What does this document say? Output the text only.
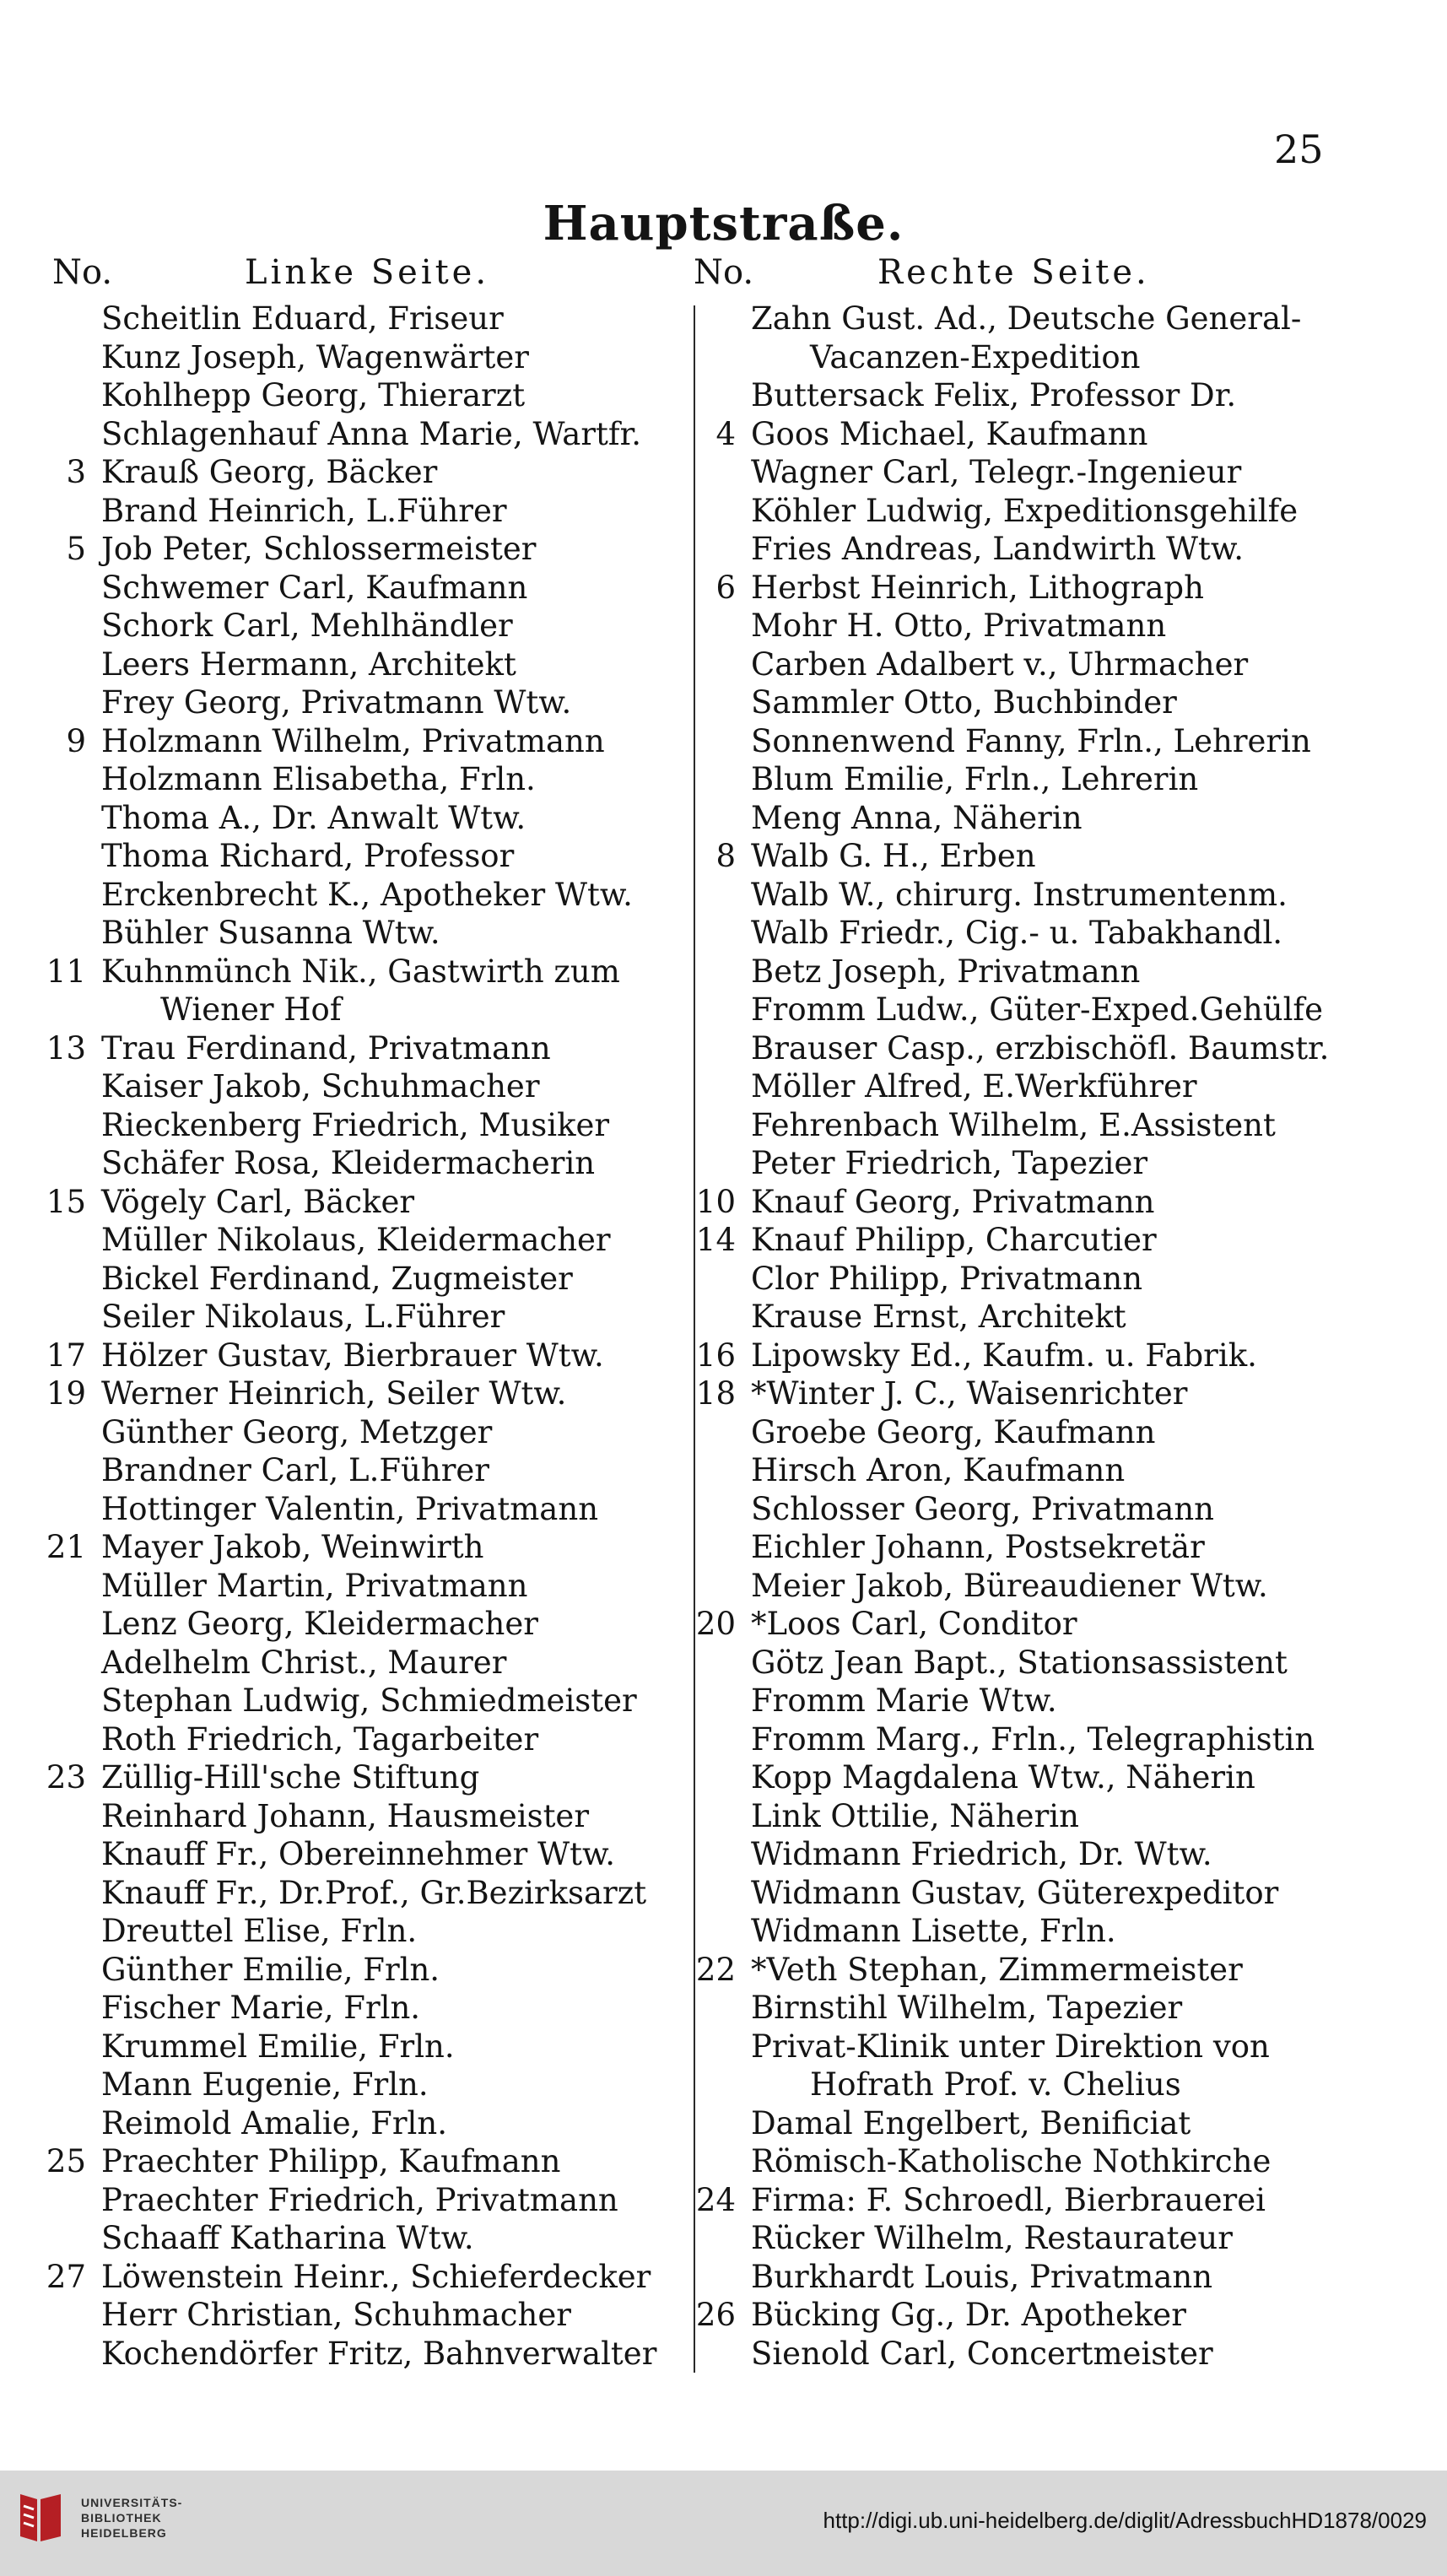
25
Hauptstraße.
No.	Linke Seite.	No.	Rechte Seite.
Scheitlin Eduard, Friseur
Kunz Joseph, Wagenwärter
Kohlhepp Georg, Thierarzt
Schlagenhauf Anna Marie, Wartfr.
3 Krauß Georg, Bäcker
Brand Heinrich, L.Führer
5 Job Peter, Schlossermeister
Schwemer Carl, Kaufmann
Schork Carl, Mehlhändler
Leers Hermann, Architekt
Frey Georg, Privatmann Wtw.
9 Holzmann Wilhelm, Privatmann
Holzmann Elisabetha, Frln.
Thoma A., Dr. Anwalt Wtw.
Thoma Richard, Professor
Erckenbrecht K., Apotheker Wtw.
Bühler Susanna Wtw.
11 Kuhnmünch Nik., Gastwirth zum
Wiener Hof
13 Trau Ferdinand, Privatmann
Kaiser Jakob, Schuhmacher
Rieckenberg Friedrich, Musiker
Schäfer Rosa, Kleidermacherin
15 Vögely Carl, Bäcker
Müller Nikolaus, Kleidermacher
Bickel Ferdinand, Zugmeister
Seiler Nikolaus, L.Führer
17 Hölzer Gustav, Bierbrauer Wtw.
19 Werner Heinrich, Seiler Wtw.
Günther Georg, Metzger
Brandner Carl, L.Führer
Hottinger Valentin, Privatmann
21 Mayer Jakob, Weinwirth
Müller Martin, Privatmann
Lenz Georg, Kleidermacher
Adelhelm Christ., Maurer
Stephan Ludwig, Schmiedmeister
Roth Friedrich, Tagarbeiter
23 Züllig-Hill'sche Stiftung
Reinhard Johann, Hausmeister
Knauff Fr., Obereinnehmer Wtw.
Knauff Fr., Dr.Prof., Gr.Bezirksarzt
Dreuttel Elise, Frln.
Günther Emilie, Frln.
Fischer Marie, Frln.
Krummel Emilie, Frln.
Mann Eugenie, Frln.
Reimold Amalie, Frln.
25 Praechter Philipp, Kaufmann
Praechter Friedrich, Privatmann
Schaaff Katharina Wtw.
27 Löwenstein Heinr., Schieferdecker
Herr Christian, Schuhmacher
Kochendörfer Fritz, Bahnverwalter
Zahn Gust. Ad., Deutsche General-
Vacanzen-Expedition
Buttersack Felix, Professor Dr.
4 Goos Michael, Kaufmann
Wagner Carl, Telegr.-Ingenieur
Köhler Ludwig, Expeditionsgehilfe
Fries Andreas, Landwirth Wtw.
6 Herbst Heinrich, Lithograph
Mohr H. Otto, Privatmann
Carben Adalbert v., Uhrmacher
Sammler Otto, Buchbinder
Sonnenwend Fanny, Frln., Lehrerin
Blum Emilie, Frln., Lehrerin
Meng Anna, Näherin
8 Walb G. H., Erben
Walb W., chirurg. Instrumentenm.
Walb Friedr., Cig.- u. Tabakhandl.
Betz Joseph, Privatmann
Fromm Ludw., Güter-Exped.Gehülfe
Brauser Casp., erzbischöfl. Baumstr.
Möller Alfred, E.Werkführer
Fehrenbach Wilhelm, E.Assistent
Peter Friedrich, Tapezier
10 Knauf Georg, Privatmann
14 Knauf Philipp, Charcutier
Clor Philipp, Privatmann
Krause Ernst, Architekt
16 Lipowsky Ed., Kaufm. u. Fabrik.
18 *Winter J. C., Waisenrichter
Groebe Georg, Kaufmann
Hirsch Aron, Kaufmann
Schlosser Georg, Privatmann
Eichler Johann, Postsekretär
Meier Jakob, Büreaudiener Wtw.
20 *Loos Carl, Conditor
Götz Jean Bapt., Stationsassistent
Fromm Marie Wtw.
Fromm Marg., Frln., Telegraphistin
Kopp Magdalena Wtw., Näherin
Link Ottilie, Näherin
Widmann Friedrich, Dr. Wtw.
Widmann Gustav, Güterexpeditor
Widmann Lisette, Frln.
22 *Veth Stephan, Zimmermeister
Birnstihl Wilhelm, Tapezier
Privat-Klinik unter Direktion von
Hofrath Prof. v. Chelius
Damal Engelbert, Benificiat
Römisch-Katholische Nothkirche
24 Firma: F. Schroedl, Bierbrauerei
Rücker Wilhelm, Restaurateur
Burkhardt Louis, Privatmann
26 Bücking Gg., Dr. Apotheker
Sienold Carl, Concertmeister
UNIVERSITÄTS-
BIBLIOTHEK
HEIDELBERG	http://digi.ub.uni-heidelberg.de/diglit/AdressbuchHD1878/0029
